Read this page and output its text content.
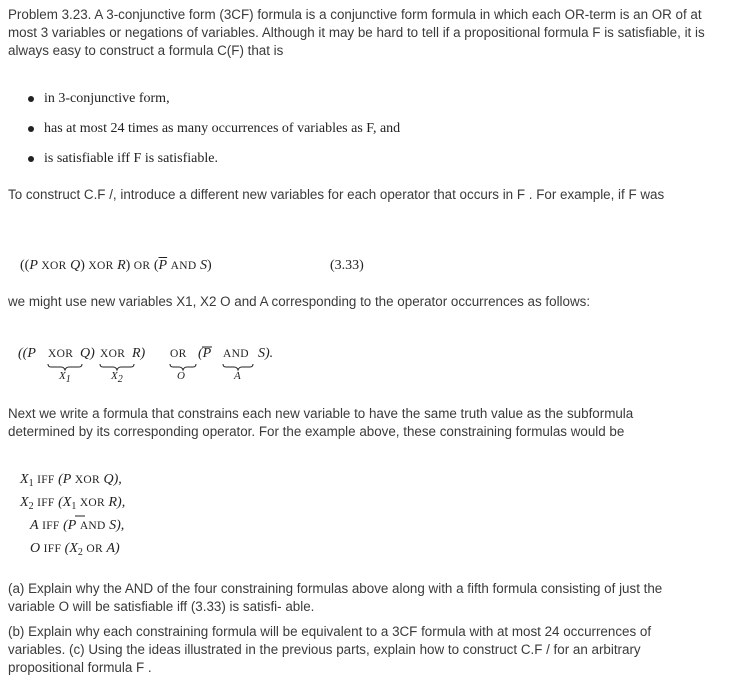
Problem 3.23. A 3-conjunctive form (3CF) formula is a conjunctive form formula in which each OR-term is an OR of at most 3 variables or negations of variables. Although it may be hard to tell if a propositional formula F is satisfiable, it is always easy to construct a formula C(F) that is
in 3-conjunctive form,
has at most 24 times as many occurrences of variables as F, and
is satisfiable iff F is satisfiable.
To construct C.F /, introduce a different new variables for each operator that occurs in F . For example, if F was
((P XOR Q) XOR R) OR ($\overline{P}$ AND S)	(3.33)
we might use new variables X1, X2 O and A corresponding to the operator occurrences as follows:
((P XOR Q) XOR R) OR (P AND S).
X1	X2	O	A
Next we write a formula that constrains each new variable to have the same truth value as the subformula determined by its corresponding operator. For the example above, these constraining formulas would be
$X_1$ IFF (P XOR Q),
$X_2$ IFF ($X_1$ XOR R),
A IFF (P AND S),
O IFF ($X_2$ OR A)
(a) Explain why the AND of the four constraining formulas above along with a fifth formula consisting of just the variable O will be satisfiable iff (3.33) is satisfi- able.
(b) Explain why each constraining formula will be equivalent to a 3CF formula with at most 24 occurrences of variables. (c) Using the ideas illustrated in the previous parts, explain how to construct C.F / for an arbitrary propositional formula F .
